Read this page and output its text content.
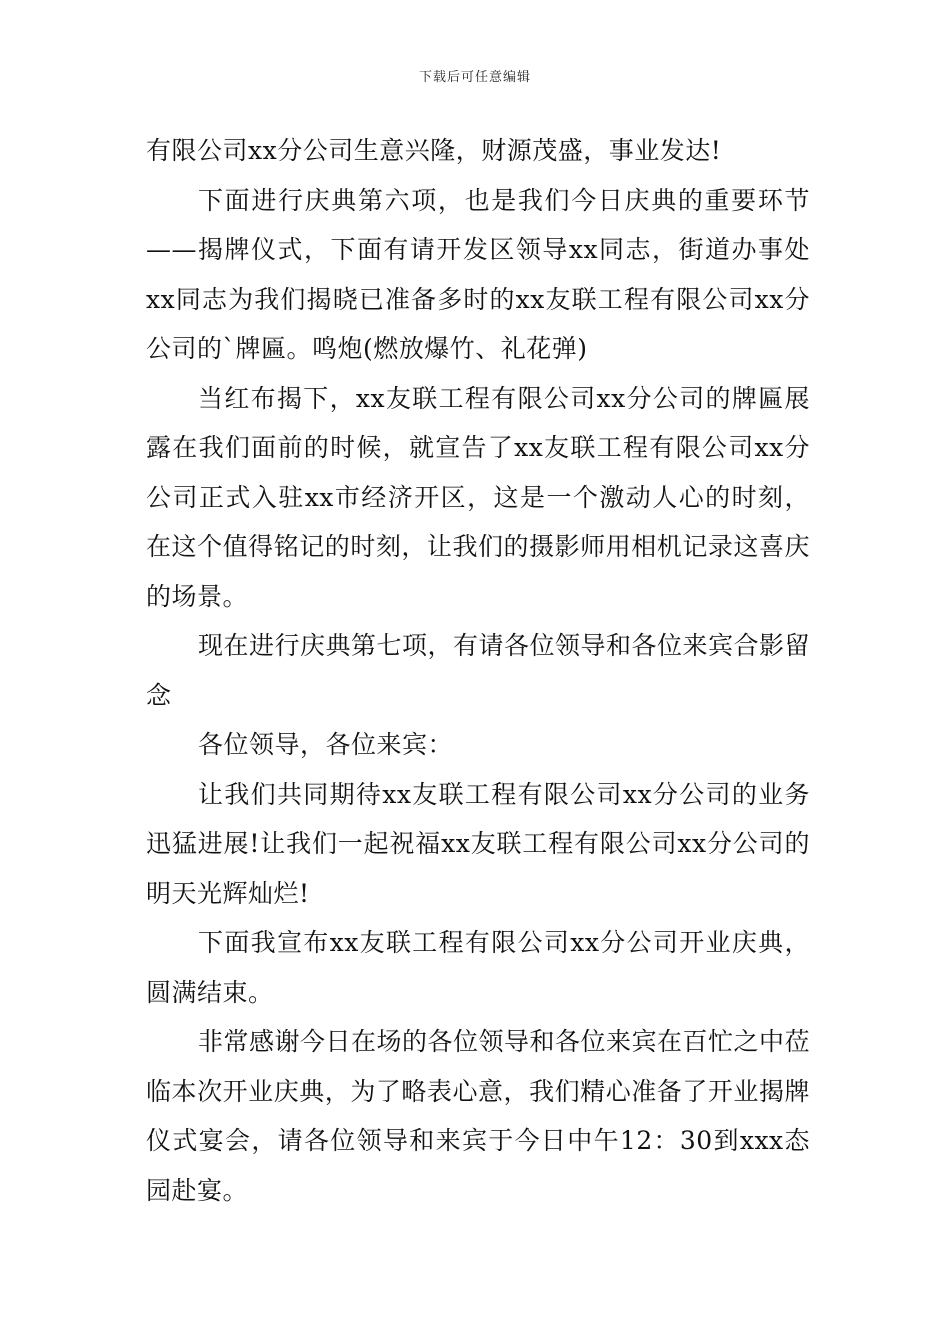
下载后可任意编辑

有限公司xx分公司生意兴隆，财源茂盛，事业发达!

下面进行庆典第六项，也是我们今日庆典的重要环节——揭牌仪式，下面有请开发区领导xx同志，街道办事处xx同志为我们揭晓已准备多时的xx友联工程有限公司xx分公司的`牌匾。鸣炮(燃放爆竹、礼花弹)

当红布揭下，xx友联工程有限公司xx分公司的牌匾展露在我们面前的时候，就宣告了xx友联工程有限公司xx分公司正式入驻xx市经济开区，这是一个激动人心的时刻，在这个值得铭记的时刻，让我们的摄影师用相机记录这喜庆的场景。

现在进行庆典第七项，有请各位领导和各位来宾合影留念

各位领导，各位来宾：

让我们共同期待xx友联工程有限公司xx分公司的业务迅猛进展!让我们一起祝福xx友联工程有限公司xx分公司的明天光辉灿烂!

下面我宣布xx友联工程有限公司xx分公司开业庆典，圆满结束。

非常感谢今日在场的各位领导和各位来宾在百忙之中莅临本次开业庆典，为了略表心意，我们精心准备了开业揭牌仪式宴会，请各位领导和来宾于今日中午12：30到xxx态园赴宴。
